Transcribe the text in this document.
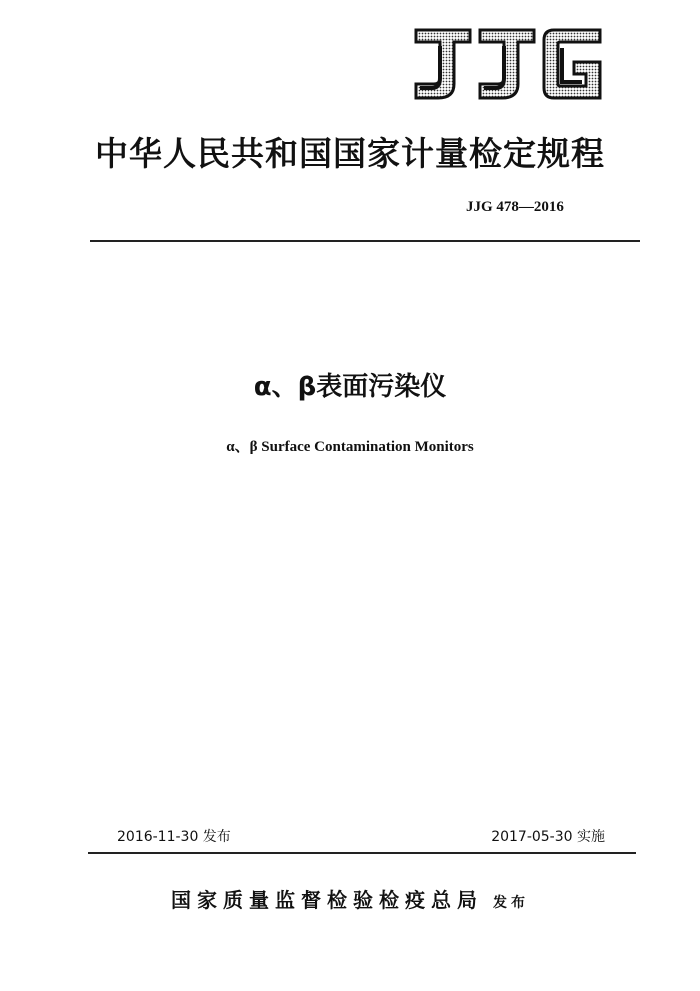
中华人民共和国国家计量检定规程
JJG 478—2016
α、β表面污染仪
α、β Surface Contamination Monitors
2016-11-30 发布	2017-05-30 实施
国家质量监督检验检疫总局 发布
